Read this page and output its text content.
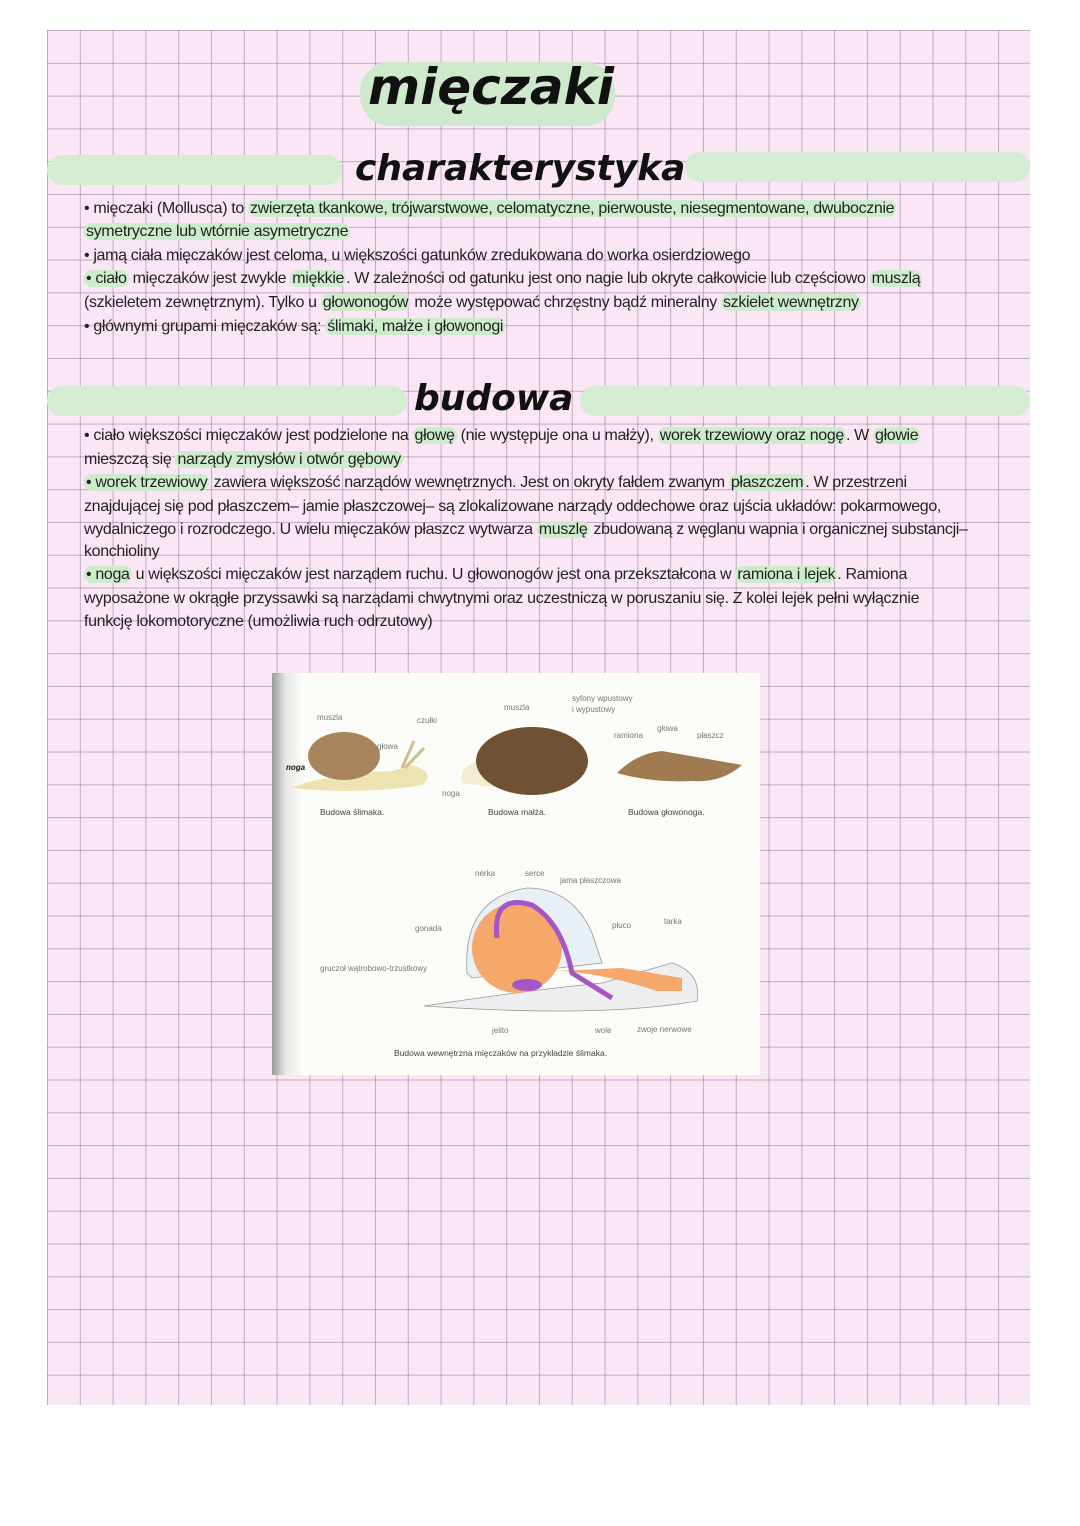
mięczaki
charakterystyka
budowa
• mięczaki (Mollusca) to zwierzęta tkankowe, trójwarstwowe, celomatyczne, pierwouste, niesegmentowane, dwubocznie
symetryczne lub wtórnie asymetryczne
• jamą ciała mięczaków jest celoma, u większości gatunków zredukowana do worka osierdziowego
• ciało mięczaków jest zwykle miękkie . W zależności od gatunku jest ono nagie lub okryte całkowicie lub częściowo muszlą
(szkieletem zewnętrznym). Tylko u głowonogów może występować chrzęstny bądź mineralny szkielet wewnętrzny
• głównymi grupami mięczaków są: ślimaki, małże i głowonogi
• ciało większości mięczaków jest podzielone na głowę (nie występuje ona u małży), worek trzewiowy oraz nogę . W głowie
mieszczą się narządy zmysłów i otwór gębowy
• worek trzewiowy zawiera większość narządów wewnętrznych. Jest on okryty fałdem zwanym płaszczem . W przestrzeni
znajdującej się pod płaszczem– jamie płaszczowej– są zlokalizowane narządy oddechowe oraz ujścia układów: pokarmowego,
wydalniczego i rozrodczego. U wielu mięczaków płaszcz wytwarza muszlę zbudowaną z węglanu wapnia i organicznej substancji–
konchioliny
• noga u większości mięczaków jest narządem ruchu. U głowonogów jest ona przekształcona w ramiona i lejek . Ramiona
wyposażone w okrągłe przyssawki są narządami chwytnymi oraz uczestniczą w poruszaniu się. Z kolei lejek pełni wyłącznie
funkcję lokomotoryczne (umożliwia ruch odrzutowy)
muszla	czułki
głowa
noga
Budowa ślimaka.
muszla
syfony wpustowy
i wypustowy
noga
Budowa małża.
ramiona
głowa
płaszcz
Budowa głowonoga.
nerka	serce
jama płaszczowa
gonada	płuco	tarka
gruczoł wątrobowo-trzustkowy
jelito	wole	zwoje nerwowe
Budowa wewnętrzna mięczaków na przykładzie ślimaka.
